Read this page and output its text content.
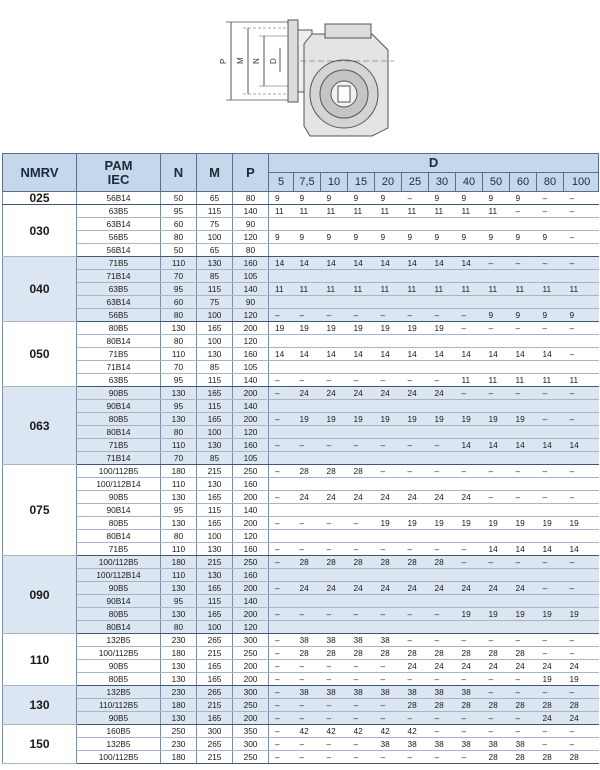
P M N D
NMRV	PAM
IEC	N	M	P	D											
					5	7,5	10	15	20	25	30	40	50	60	80	100
025	56B14	50	65	80	9	9	9	9	9	–	9	9	9	9	–	–
030	63B5	95	115	140	11	11	11	11	11	11	11	11	11	–	–	–
	63B14	60	75	90												
	56B5	80	100	120	9	9	9	9	9	9	9	9	9	9	9	–
	56B14	50	65	80												
040	71B5	110	130	160	14	14	14	14	14	14	14	14	–	–	–	–
	71B14	70	85	105												
	63B5	95	115	140	11	11	11	11	11	11	11	11	11	11	11	11
	63B14	60	75	90												
	56B5	80	100	120	–	–	–	–	–	–	–	–	9	9	9	9
050	80B5	130	165	200	19	19	19	19	19	19	19	–	–	–	–	–
	80B14	80	100	120												
	71B5	110	130	160	14	14	14	14	14	14	14	14	14	14	14	–
	71B14	70	85	105												
	63B5	95	115	140	–	–	–	–	–	–	–	11	11	11	11	11
063	90B5	130	165	200	–	24	24	24	24	24	24	–	–	–	–	–
	90B14	95	115	140												
	80B5	130	165	200	–	19	19	19	19	19	19	19	19	19	–	–
	80B14	80	100	120												
	71B5	110	130	160	–	–	–	–	–	–	–	14	14	14	14	14
	71B14	70	85	105												
075	100/112B5	180	215	250	–	28	28	28	–	–	–	–	–	–	–	–
	100/112B14	110	130	160												
	90B5	130	165	200	–	24	24	24	24	24	24	24	–	–	–	–
	90B14	95	115	140												
	80B5	130	165	200	–	–	–	–	19	19	19	19	19	19	19	19
	80B14	80	100	120												
	71B5	110	130	160	–	–	–	–	–	–	–	–	14	14	14	14
090	100/112B5	180	215	250	–	28	28	28	28	28	28	–	–	–	–	–
	100/112B14	110	130	160												
	90B5	130	165	200	–	24	24	24	24	24	24	24	24	24	–	–
	90B14	95	115	140												
	80B5	130	165	200	–	–	–	–	–	–	–	19	19	19	19	19
	80B14	80	100	120												
110	132B5	230	265	300	–	38	38	38	38	–	–	–	–	–	–	–
	100/112B5	180	215	250	–	28	28	28	28	28	28	28	28	28	–	–
	90B5	130	165	200	–	–	–	–	–	24	24	24	24	24	24	24
	80B5	130	165	200	–	–	–	–	–	–	–	–	–	–	19	19
130	132B5	230	265	300	–	38	38	38	38	38	38	38	–	–	–	–
	110/112B5	180	215	250	–	–	–	–	–	28	28	28	28	28	28	28
	90B5	130	165	200	–	–	–	–	–	–	–	–	–	–	24	24
150	160B5	250	300	350	–	42	42	42	42	42	–	–	–	–	–	–
	132B5	230	265	300	–	–	–	–	38	38	38	38	38	38	–	–
	100/112B5	180	215	250	–	–	–	–	–	–	–	–	28	28	28	28
